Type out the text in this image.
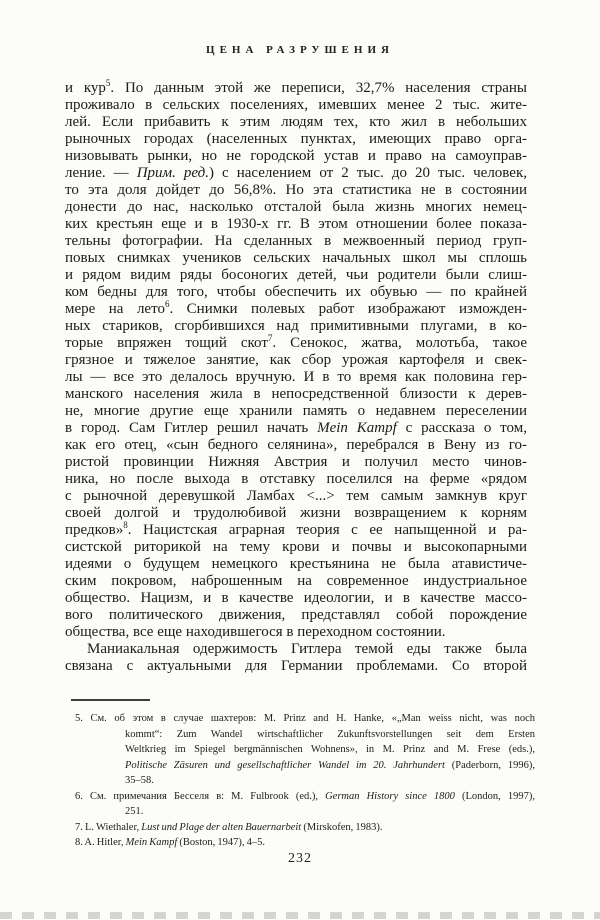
ЦЕНА РАЗРУШЕНИЯ
и кур$^5$. По данным этой же переписи, 32,7% населения страны
проживало в сельских поселениях, имевших менее 2 тыс. жите-
лей. Если прибавить к этим людям тех, кто жил в небольших
рыночных городах (населенных пунктах, имеющих право орга-
низовывать рынки, но не городской устав и право на самоуправ-
ление. — Прим. ред.) с населением от 2 тыс. до 20 тыс. человек,
то эта доля дойдет до 56,8%. Но эта статистика не в состоянии
донести до нас, насколько отсталой была жизнь многих немец-
ких крестьян еще и в 1930-х гг. В этом отношении более показа-
тельны фотографии. На сделанных в межвоенный период груп-
повых снимках учеников сельских начальных школ мы сплошь
и рядом видим ряды босоногих детей, чьи родители были слиш-
ком бедны для того, чтобы обеспечить их обувью — по крайней
мере на лето$^6$. Снимки полевых работ изображают изможден-
ных стариков, сгорбившихся над примитивными плугами, в ко-
торые впряжен тощий скот$^7$. Сенокос, жатва, молотьба, такое
грязное и тяжелое занятие, как сбор урожая картофеля и свек-
лы — все это делалось вручную. И в то время как половина гер-
манского населения жила в непосредственной близости к дерев-
не, многие другие еще хранили память о недавнем переселении
в город. Сам Гитлер решил начать Mein Kampf с рассказа о том,
как его отец, «сын бедного селянина», перебрался в Вену из го-
ристой провинции Нижняя Австрия и получил место чинов-
ника, но после выхода в отставку поселился на ферме «рядом
с рыночной деревушкой Ламбах <...> тем самым замкнув круг
своей долгой и трудолюбивой жизни возвращением к корням
предков»$^8$. Нацистская аграрная теория с ее напыщенной и ра-
систской риторикой на тему крови и почвы и высокопарными
идеями о будущем немецкого крестьянина не была атавистиче-
ским покровом, наброшенным на современное индустриальное
общество. Нацизм, и в качестве идеологии, и в качестве массо-
вого политического движения, представлял собой порождение
общества, все еще находившегося в переходном состоянии.
Маниакальная одержимость Гитлера темой еды также была
связана с актуальными для Германии проблемами. Со второй
5. См. об этом в случае шахтеров: M. Prinz and H. Hanke, «„Man weiss nicht, was noch
kommt“: Zum Wandel wirtschaftlicher Zukunftsvorstellungen seit dem Ersten
Weltkrieg im Spiegel bergmännischen Wohnens», in M. Prinz and M. Frese (eds.),
Politische Zäsuren und gesellschaftlicher Wandel im 20. Jahrhundert (Paderborn, 1996),
35–58.
6. См. примечания Бесселя в: M. Fulbrook (ed.), German History since 1800 (London, 1997),
251.
7. L. Wiethaler, Lust und Plage der alten Bauernarbeit (Mirskofen, 1983).
8. A. Hitler, Mein Kampf (Boston, 1947), 4–5.
232
